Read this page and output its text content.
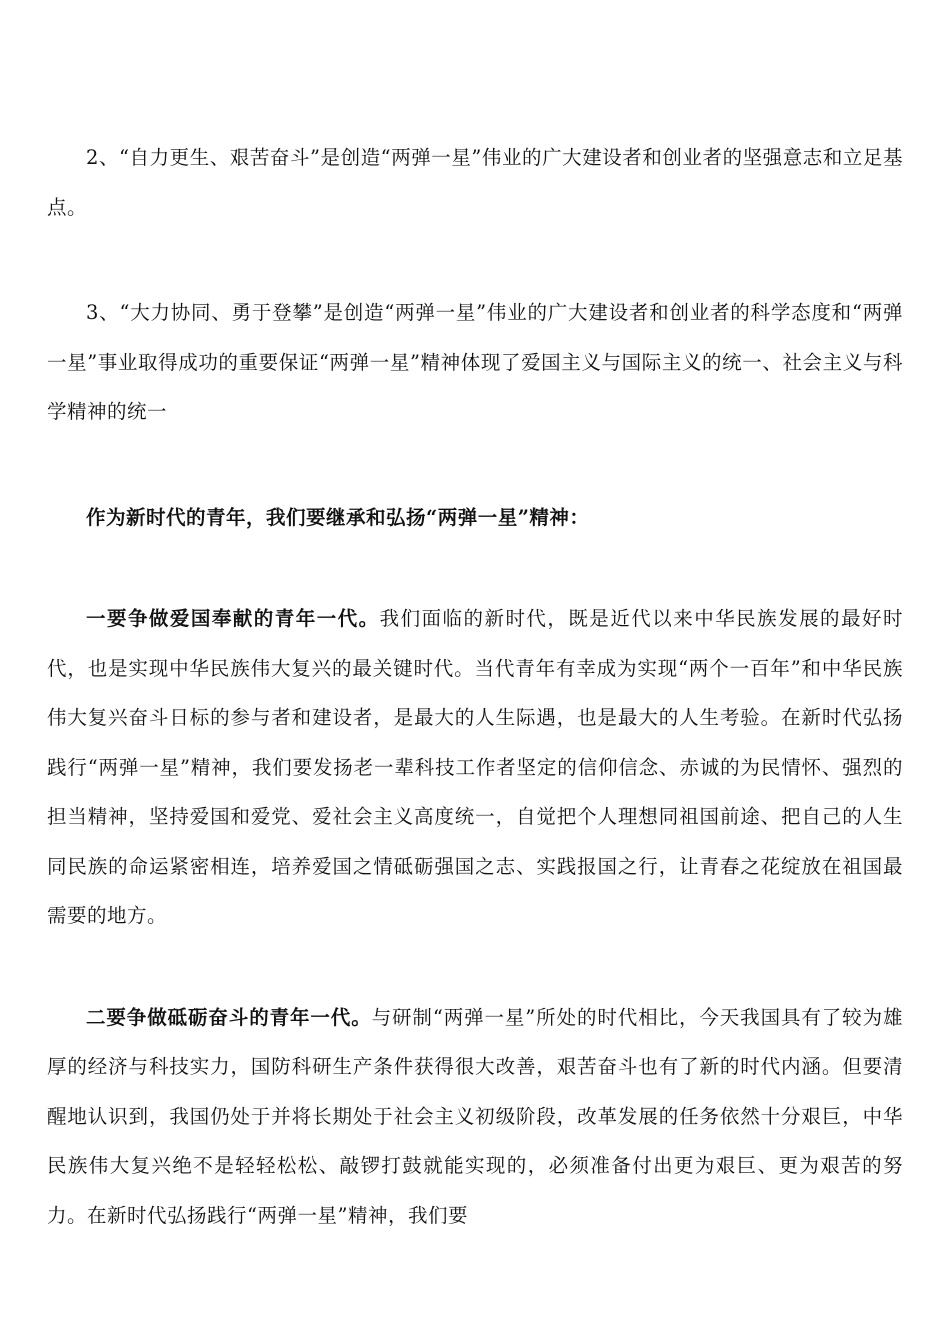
2、“自力更生、艰苦奋斗”是创造“两弹一星”伟业的广大建设者和创业者的坚强意志和立足基点。

3、“大力协同、勇于登攀”是创造“两弹一星”伟业的广大建设者和创业者的科学态度和“两弹一星”事业取得成功的重要保证“两弹一星”精神体现了爱国主义与国际主义的统一、社会主义与科学精神的统一

作为新时代的青年，我们要继承和弘扬“两弹一星”精神：

一要争做爱国奉献的青年一代。我们面临的新时代，既是近代以来中华民族发展的最好时代，也是实现中华民族伟大复兴的最关键时代。当代青年有幸成为实现“两个一百年”和中华民族伟大复兴奋斗日标的参与者和建设者，是最大的人生际遇，也是最大的人生考验。在新时代弘扬践行“两弹一星”精神，我们要发扬老一辈科技工作者坚定的信仰信念、赤诚的为民情怀、强烈的担当精神，坚持爱国和爱党、爱社会主义高度统一，自觉把个人理想同祖国前途、把自己的人生同民族的命运紧密相连，培养爱国之情砥砺强国之志、实践报国之行，让青春之花绽放在祖国最需要的地方。

二要争做砥砺奋斗的青年一代。与研制“两弹一星”所处的时代相比，今天我国具有了较为雄厚的经济与科技实力，国防科研生产条件获得很大改善，艰苦奋斗也有了新的时代内涵。但要清醒地认识到，我国仍处于并将长期处于社会主义初级阶段，改革发展的任务依然十分艰巨，中华民族伟大复兴绝不是轻轻松松、敲锣打鼓就能实现的，必须准备付出更为艰巨、更为艰苦的努力。在新时代弘扬践行“两弹一星”精神，我们要
